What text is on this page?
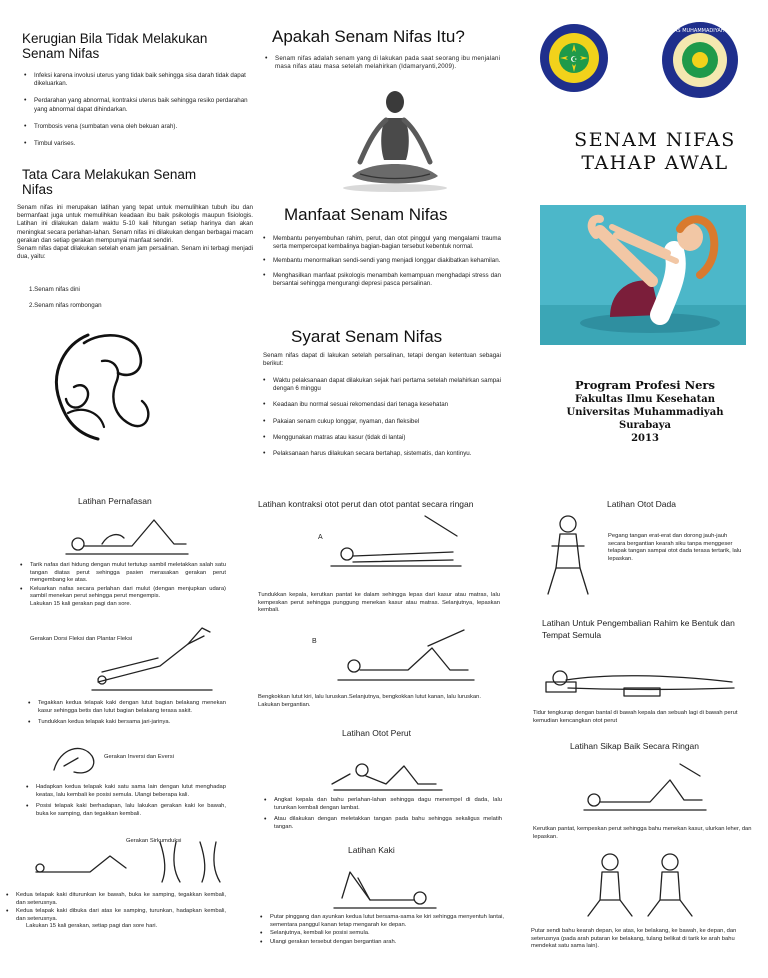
Kerugian Bila Tidak Melakukan Senam Nifas
• Infeksi karena involusi uterus yang tidak baik sehingga sisa darah tidak dapat dikeluarkan.
• Perdarahan yang abnormal, kontraksi uterus baik sehingga resiko perdarahan yang abnormal dapat dihindarkan.
• Trombosis vena (sumbatan vena oleh bekuan arah).
• Timbul varises.
Tata Cara Melakukan Senam Nifas

Senam nifas ini merupakan latihan yang tepat untuk memulihkan tubuh ibu dan bermanfaat juga untuk memulihkan keadaan ibu baik psikologis maupun fisiologis. Latihan ini dilakukan dalam waktu 5-10 kali hitungan setiap harinya dan akan meningkat secara perlahan-lahan. Senam nifas ini dilakukan dengan berbagai macam gerakan dan setiap gerakan mempunyai manfaat sendiri.

Senam nifas dapat dilakukan setelah enam jam persalinan. Senam ini terbagi menjadi dua, yaitu:

1.Senam nifas dini

2.Senam nifas rombongan

Apakah Senam Nifas Itu?
• Senam nifas adalah senam yang di lakukan pada saat seorang ibu menjalani masa nifas atau masa setelah melahirkan (Idamaryanti,2009).
Manfaat Senam Nifas
• Membantu penyembuhan rahim, perut, dan otot pinggul yang mengalami trauma serta mempercepat kembalinya bagian-bagian tersebut kebentuk normal.
• Membantu menormalkan sendi-sendi yang menjadi longgar diakibatkan kehamilan.
• Menghasilkan manfaat psikologis menambah kemampuan menghadapi stress dan bersantai sehingga mengurangi depresi pasca persalinan.
Syarat Senam Nifas

Senam nifas dapat di lakukan setelah persalinan, tetapi dengan ketentuan sebagai berikut:

• Waktu pelaksanaan dapat dilakukan sejak hari pertama setelah melahirkan sampai dengan 6 minggu
• Keadaan ibu normal sesuai rekomendasi dari tenaga kesehatan
• Pakaian senam cukup longgar, nyaman, dan fleksibel
• Menggunakan matras atau kasur (tidak di lantai)
• Pelaksanaan harus dilakukan secara bertahap, sistematis, dan kontinyu.
☪
UNIVERSITAS MUHAMMADIYAH SURABAYA
SENAM NIFAS
TAHAP AWAL
Program Profesi Ners
Fakultas Ilmu Kesehatan
Universitas Muhammadiyah Surabaya
2013
Latihan Pernafasan
• Tarik nafas dari hidung dengan mulut tertutup sambil meletakkan salah satu tangan diatas perut sehingga pasien merasakan gerakan perut mengembang ke atas.
• Keluarkan nafas secara perlahan dari mulut (dengan menjupkan udara) sambil menekan perut sehingga perut mengempis.

Lakukan 15 kali gerakan pagi dan sore.

Gerakan Dorsi Fleksi dan Plantar Fleksi
• Tegakkan kedua telapak kaki dengan lutut bagian belakang menekan kasur sehingga betis dan lutut bagian belakang terasa sakit.
• Tundukkan kedua telapak kaki bersama jari-jarinya.
Gerakan Inversi dan Eversi
• Hadapkan kedua telapak kaki satu sama lain dengan lutut menghadap keatas, lalu kembali ke posisi semula. Ulangi beberapa kali.
• Posisi telapak kaki berhadapan, lalu lakukan gerakan kaki ke bawah, buka ke samping, dan tegakkan kembali.
Gerakan Sirkumduksi
• Kedua telapak kaki diturunkan ke bawah, buka ke samping, tegakkan kembali, dan seterusnya.
• Kedua telapak kaki dibuka dari atas ke samping, turunkan, hadapkan kembali, dan seterusnya.

Lakukan 15 kali gerakan, setiap pagi dan sore hari.

Latihan kontraksi otot perut dan otot pantat secara ringan
A
Tundukkan kepala, kerutkan pantat ke dalam sehingga lepas dari kasur atau matras, lalu kempeskan perut sehingga punggung menekan kasur atau matras. Selanjutnya, lepaskan kembali.
B
Bengkokkan lutut kiri, lalu luruskan.Selanjutnya, bengkokkan lutut kanan, lalu luruskan. Lakukan bergantian.
Latihan Otot Perut
• Angkat kepala dan bahu perlahan-lahan sehingga dagu menempel di dada, lalu turunkan kembali dengan lambat.
• Atau dilakukan dengan meletakkan tangan pada bahu sehingga sekaligus melatih tangan.
Latihan Kaki
• Putar pinggang dan ayunkan kedua lutut bersama-sama ke kiri sehingga menyentuh lantai, sementara panggul kanan tetap mengarah ke depan.
• Selanjutnya, kembali ke posisi semula.
• Ulangi gerakan tersebut dengan bergantian arah.
Latihan Otot Dada
Pegang tangan erat-erat dan dorong jauh-jauh secara bergantian kearah siku tanpa menggeser telapak tangan sampai otot dada terasa tertarik, lalu lepaskan.
Latihan Untuk Pengembalian Rahim ke Bentuk dan Tempat Semula
Tidur tengkurap dengan bantal di bawah kepala dan sebuah lagi di bawah perut kemudian kencangkan otot perut
Latihan Sikap Baik Secara Ringan
Kerutkan pantat, kempeskan perut sehingga bahu menekan kasur, ulurkan leher, dan lepaskan.
Putar sendi bahu kearah depan, ke atas, ke belakang, ke bawah, ke depan, dan seterusnya (pada arah putaran ke belakang, tulang belikat di tarik ke arah bahu mendekat satu sama lain).
